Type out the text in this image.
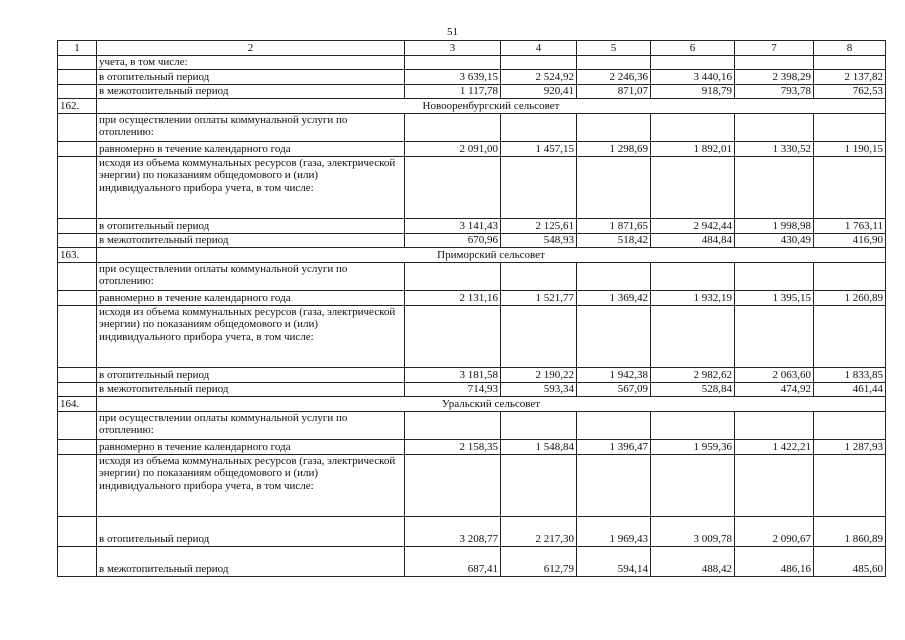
51
1	2	3	4	5	6	7	8
	учета, в том числе:						
	в отопительный период	3 639,15	2 524,92	2 246,36	3 440,16	2 398,29	2 137,82
	в межотопительный период	1 117,78	920,41	871,07	918,79	793,78	762,53
162.	Новооренбургский сельсовет						
	при осуществлении оплаты коммунальной услуги по отоплению:						
	равномерно в течение календарного года	2 091,00	1 457,15	1 298,69	1 892,01	1 330,52	1 190,15
	исходя из объема коммунальных ресурсов (газа, электрической энергии) по показаниям общедомового и (или) индивидуального прибора учета, в том числе:						
	в отопительный период	3 141,43	2 125,61	1 871,65	2 942,44	1 998,98	1 763,11
	в межотопительный период	670,96	548,93	518,42	484,84	430,49	416,90
163.	Приморский сельсовет						
	при осуществлении оплаты коммунальной услуги по отоплению:						
	равномерно в течение календарного года	2 131,16	1 521,77	1 369,42	1 932,19	1 395,15	1 260,89
	исходя из объема коммунальных ресурсов (газа, электрической энергии) по показаниям общедомового и (или) индивидуального прибора учета, в том числе:						
	в отопительный период	3 181,58	2 190,22	1 942,38	2 982,62	2 063,60	1 833,85
	в межотопительный период	714,93	593,34	567,09	528,84	474,92	461,44
164.	Уральский сельсовет						
	при осуществлении оплаты коммунальной услуги по отоплению:						
	равномерно в течение календарного года	2 158,35	1 548,84	1 396,47	1 959,36	1 422,21	1 287,93
	исходя из объема коммунальных ресурсов (газа, электрической энергии) по показаниям общедомового и (или) индивидуального прибора учета, в том числе:						
	в отопительный период	3 208,77	2 217,30	1 969,43	3 009,78	2 090,67	1 860,89
	в межотопительный период	687,41	612,79	594,14	488,42	486,16	485,60
